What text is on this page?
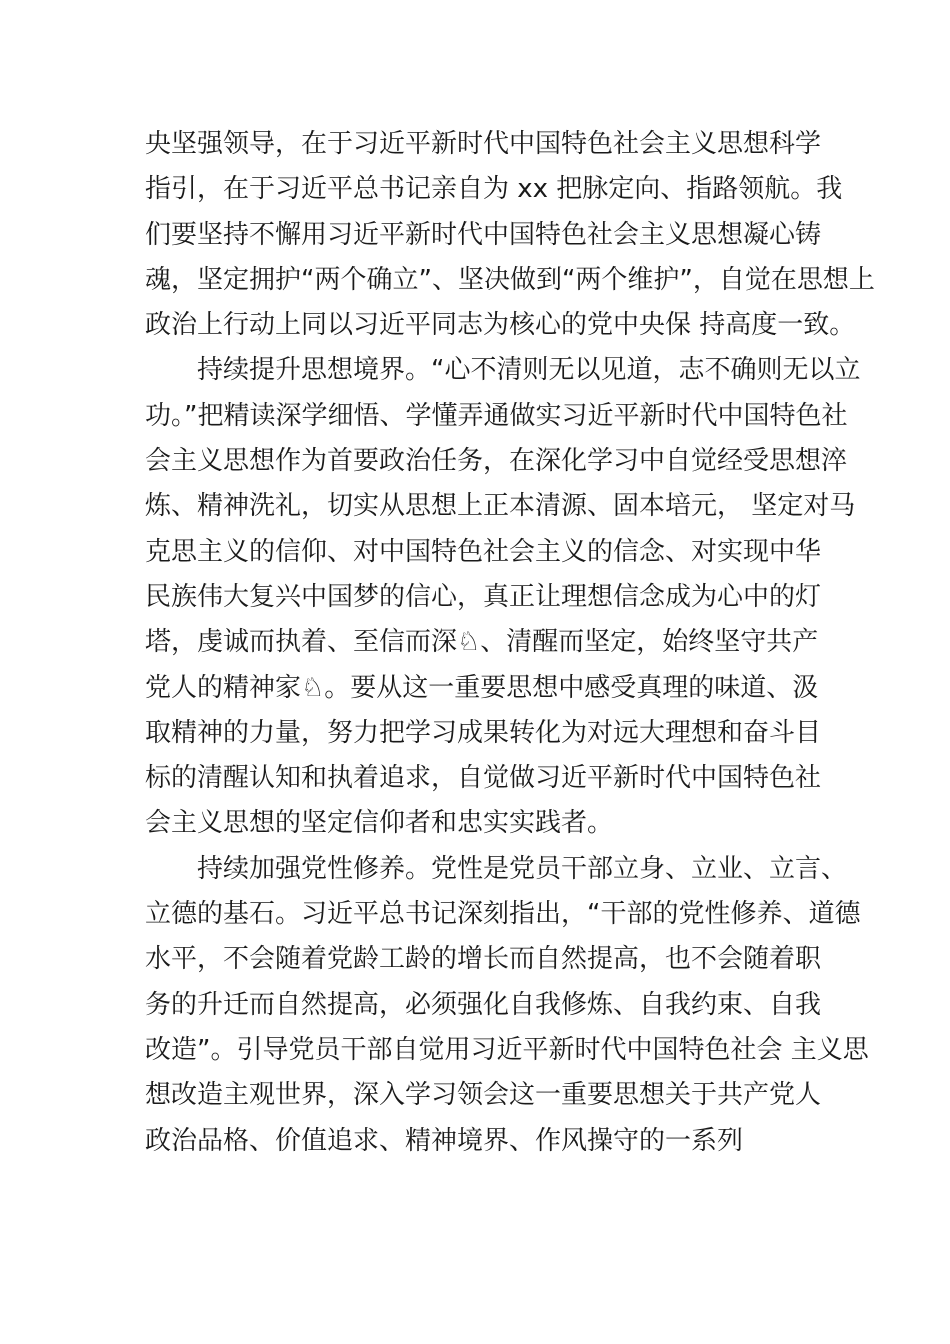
央坚强领导，在于习近平新时代中国特色社会主义思想科学
指引，在于习近平总书记亲自为 xx 把脉定向、指路领航。我
们要坚持不懈用习近平新时代中国特色社会主义思想凝心铸
魂，坚定拥护“两个确立”、坚决做到“两个维护”，自觉在思想上
政治上行动上同以习近平同志为核心的党中央保 持高度一致。
持续提升思想境界。“心不清则无以见道，志不确则无以立
功。”把精读深学细悟、学懂弄通做实习近平新时代中国特色社
会主义思想作为首要政治任务，在深化学习中自觉经受思想淬
炼、精神洗礼，切实从思想上正本清源、固本培元， 坚定对马
克思主义的信仰、对中国特色社会主义的信念、对实现中华
民族伟大复兴中国梦的信心，真正让理想信念成为心中的灯
塔，虔诚而执着、至信而深♘、清醒而坚定，始终坚守共产
党人的精神家♘。要从这一重要思想中感受真理的味道、汲
取精神的力量，努力把学习成果转化为对远大理想和奋斗目
标的清醒认知和执着追求，自觉做习近平新时代中国特色社
会主义思想的坚定信仰者和忠实实践者。
持续加强党性修养。党性是党员干部立身、立业、立言、
立德的基石。习近平总书记深刻指出，“干部的党性修养、道德
水平，不会随着党龄工龄的增长而自然提高，也不会随着职
务的升迁而自然提高，必须强化自我修炼、自我约束、自我
改造”。引导党员干部自觉用习近平新时代中国特色社会 主义思
想改造主观世界，深入学习领会这一重要思想关于共产党人
政治品格、价值追求、精神境界、作风操守的一系列
